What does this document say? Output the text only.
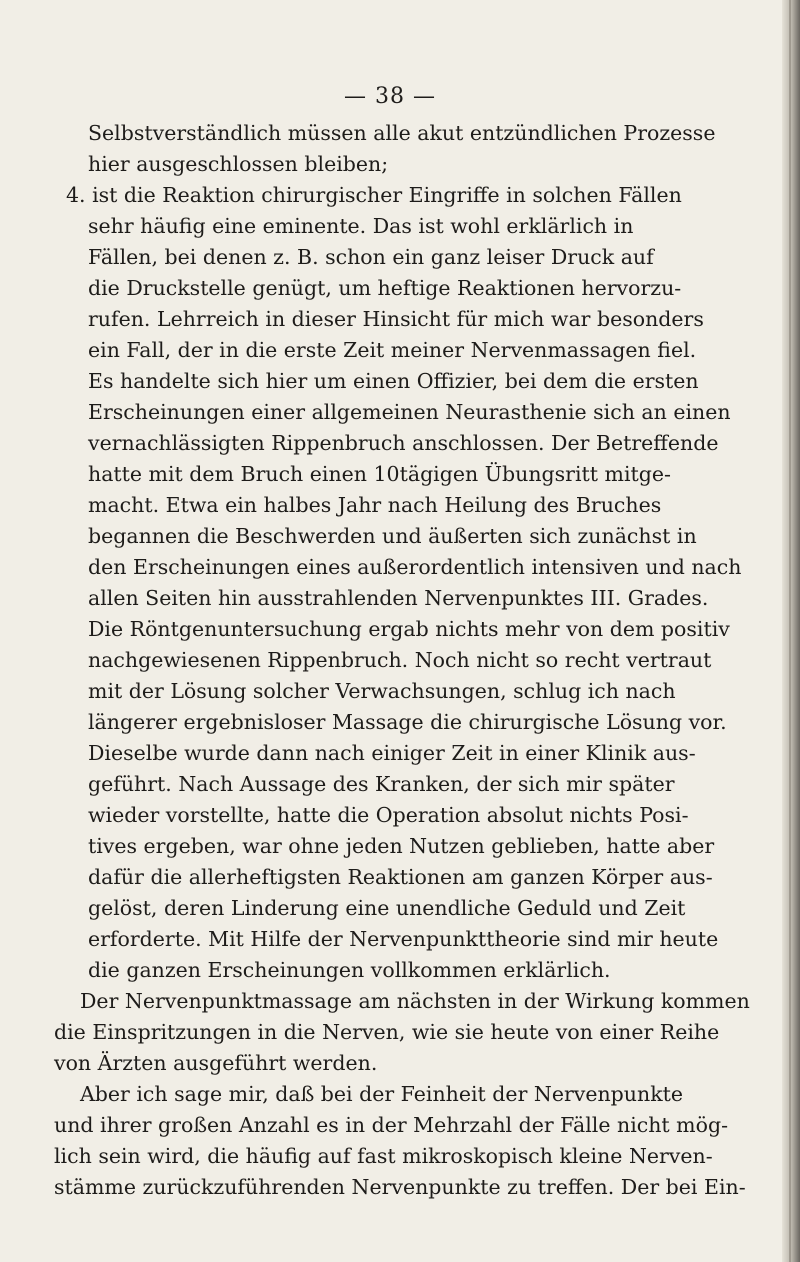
— 38 —
Selbstverständlich müssen alle akut entzündlichen Prozesse
hier ausgeschlossen bleiben;
4. ist die Reaktion chirurgischer Eingriffe in solchen Fällen
sehr häufig eine eminente. Das ist wohl erklärlich in
Fällen, bei denen z. B. schon ein ganz leiser Druck auf
die Druckstelle genügt, um heftige Reaktionen hervorzu-
rufen. Lehrreich in dieser Hinsicht für mich war besonders
ein Fall, der in die erste Zeit meiner Nervenmassagen fiel.
Es handelte sich hier um einen Offizier, bei dem die ersten
Erscheinungen einer allgemeinen Neurasthenie sich an einen
vernachlässigten Rippenbruch anschlossen. Der Betreffende
hatte mit dem Bruch einen 10tägigen Übungsritt mitge-
macht. Etwa ein halbes Jahr nach Heilung des Bruches
begannen die Beschwerden und äußerten sich zunächst in
den Erscheinungen eines außerordentlich intensiven und nach
allen Seiten hin ausstrahlenden Nervenpunktes III. Grades.
Die Röntgenuntersuchung ergab nichts mehr von dem positiv
nachgewiesenen Rippenbruch. Noch nicht so recht vertraut
mit der Lösung solcher Verwachsungen, schlug ich nach
längerer ergebnisloser Massage die chirurgische Lösung vor.
Dieselbe wurde dann nach einiger Zeit in einer Klinik aus-
geführt. Nach Aussage des Kranken, der sich mir später
wieder vorstellte, hatte die Operation absolut nichts Posi-
tives ergeben, war ohne jeden Nutzen geblieben, hatte aber
dafür die allerheftigsten Reaktionen am ganzen Körper aus-
gelöst, deren Linderung eine unendliche Geduld und Zeit
erforderte. Mit Hilfe der Nervenpunkttheorie sind mir heute
die ganzen Erscheinungen vollkommen erklärlich.
Der Nervenpunktmassage am nächsten in der Wirkung kommen
die Einspritzungen in die Nerven, wie sie heute von einer Reihe
von Ärzten ausgeführt werden.
Aber ich sage mir, daß bei der Feinheit der Nervenpunkte
und ihrer großen Anzahl es in der Mehrzahl der Fälle nicht mög-
lich sein wird, die häufig auf fast mikroskopisch kleine Nerven-
stämme zurückzuführenden Nervenpunkte zu treffen. Der bei Ein-
